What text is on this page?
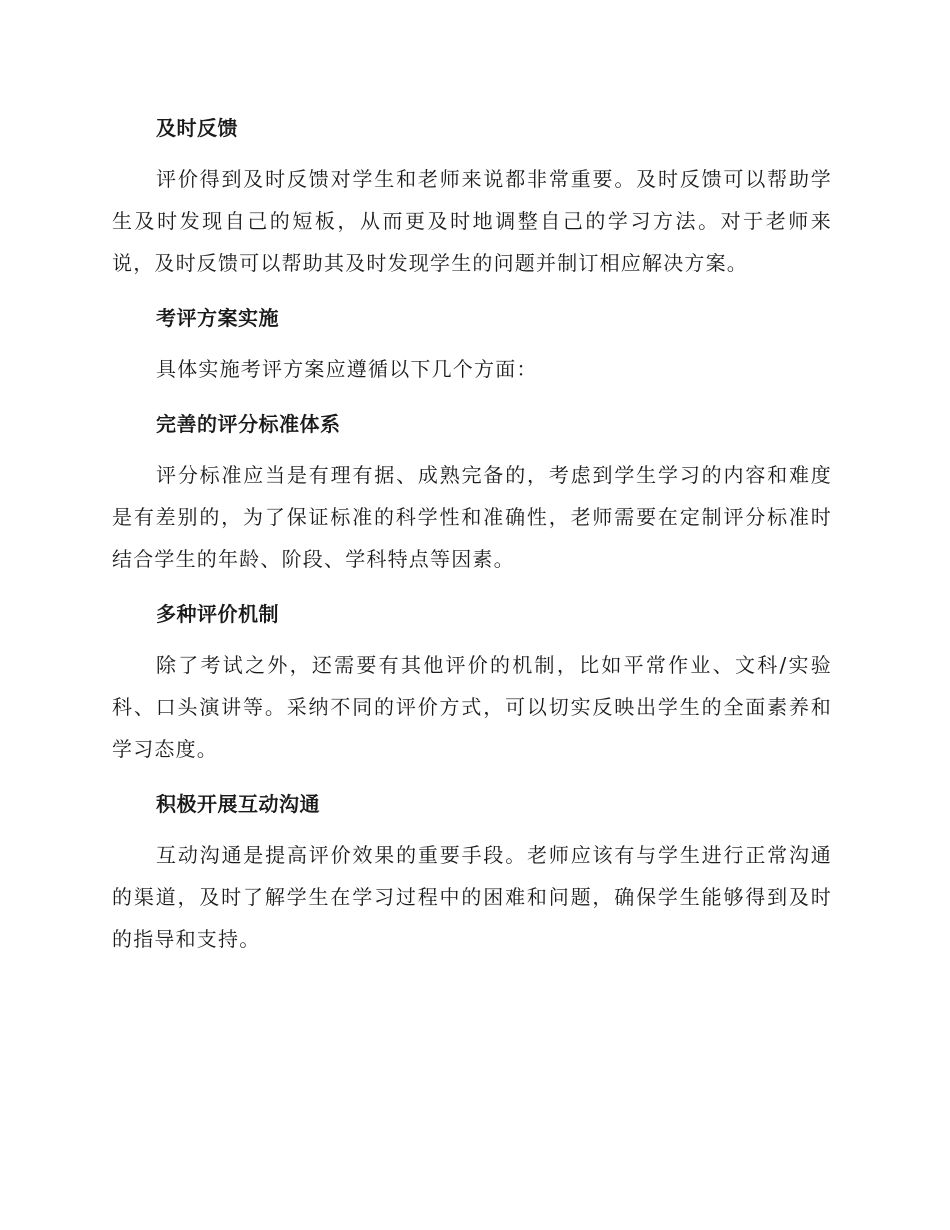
及时反馈

评价得到及时反馈对学生和老师来说都非常重要。及时反馈可以帮助学生及时发现自己的短板，从而更及时地调整自己的学习方法。对于老师来说，及时反馈可以帮助其及时发现学生的问题并制订相应解决方案。

考评方案实施

具体实施考评方案应遵循以下几个方面：

完善的评分标准体系

评分标准应当是有理有据、成熟完备的，考虑到学生学习的内容和难度是有差别的，为了保证标准的科学性和准确性，老师需要在定制评分标准时结合学生的年龄、阶段、学科特点等因素。

多种评价机制

除了考试之外，还需要有其他评价的机制，比如平常作业、文科/实验科、口头演讲等。采纳不同的评价方式，可以切实反映出学生的全面素养和学习态度。

积极开展互动沟通

互动沟通是提高评价效果的重要手段。老师应该有与学生进行正常沟通的渠道，及时了解学生在学习过程中的困难和问题，确保学生能够得到及时的指导和支持。
